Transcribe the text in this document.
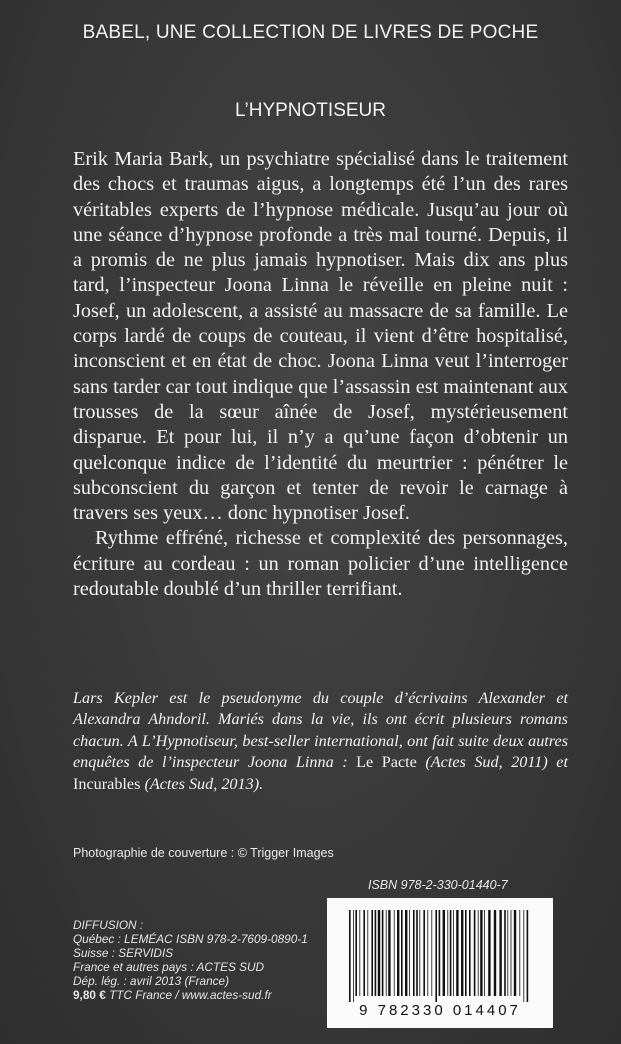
BABEL, UNE COLLECTION DE LIVRES DE POCHE
L’HYPNOTISEUR

Erik Maria Bark, un psychiatre spécialisé dans le traitement des chocs et traumas aigus, a longtemps été l’un des rares véritables experts de l’hypnose médicale. Jusqu’au jour où une séance d’hypnose profonde a très mal tourné. Depuis, il a promis de ne plus jamais hypnotiser. Mais dix ans plus tard, l’inspecteur Joona Linna le réveille en pleine nuit : Josef, un adolescent, a assisté au massacre de sa famille. Le corps lardé de coups de couteau, il vient d’être hospitalisé, inconscient et en état de choc. Joona Linna veut l’interroger sans tarder car tout indique que l’assassin est maintenant aux trousses de la sœur aînée de Josef, mystérieusement disparue. Et pour lui, il n’y a qu’une façon d’obtenir un quelconque indice de l’identité du meurtrier : pénétrer le subconscient du garçon et tenter de revoir le carnage à travers ses yeux… donc hypnotiser Josef.

Rythme effréné, richesse et complexité des personnages, écriture au cordeau : un roman policier d’une intelligence redoutable doublé d’un thriller terrifiant.

Lars Kepler est le pseudonyme du couple d’écrivains Alexander et Alexandra Ahndoril. Mariés dans la vie, ils ont écrit plusieurs romans chacun. A L’Hypnotiseur, best-seller international, ont fait suite deux autres enquêtes de l’inspecteur Joona Linna : Le Pacte (Actes Sud, 2011) et Incurables (Actes Sud, 2013).
Photographie de couverture : © Trigger Images
ISBN 978-2-330-01440-7
DIFFUSION :
Québec : LEMÉAC ISBN 978-2-7609-0890-1
Suisse : SERVIDIS
France et autres pays : ACTES SUD
Dép. lég. : avril 2013 (France)
9,80 € TTC France / www.actes-sud.fr
9 782330 014407
